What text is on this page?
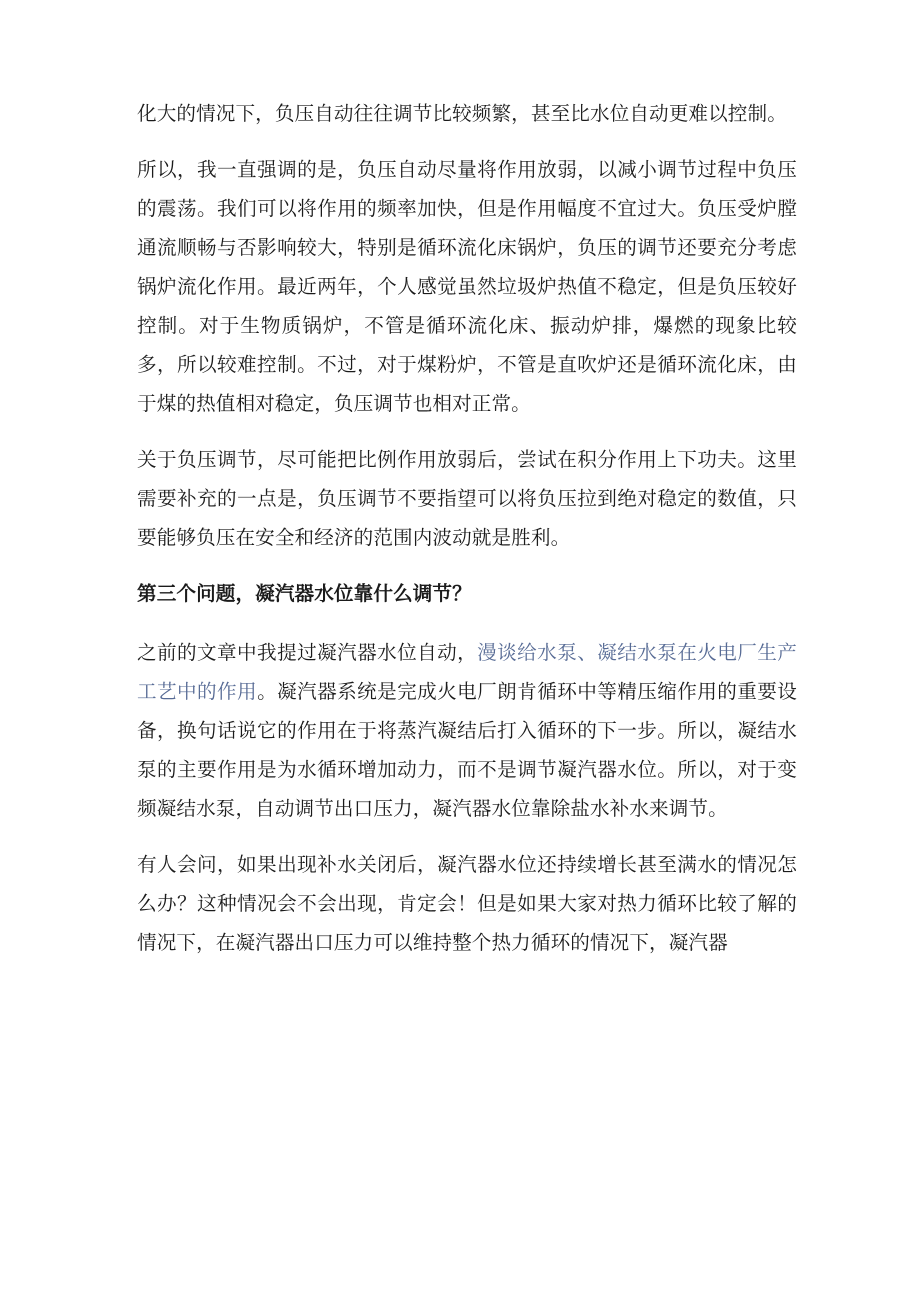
化大的情况下，负压自动往往调节比较频繁，甚至比水位自动更难以控制。

所以，我一直强调的是，负压自动尽量将作用放弱，以减小调节过程中负压的震荡。我们可以将作用的频率加快，但是作用幅度不宜过大。负压受炉膛通流顺畅与否影响较大，特别是循环流化床锅炉，负压的调节还要充分考虑锅炉流化作用。最近两年，个人感觉虽然垃圾炉热值不稳定，但是负压较好控制。对于生物质锅炉，不管是循环流化床、振动炉排，爆燃的现象比较多，所以较难控制。不过，对于煤粉炉，不管是直吹炉还是循环流化床，由于煤的热值相对稳定，负压调节也相对正常。

关于负压调节，尽可能把比例作用放弱后，尝试在积分作用上下功夫。这里需要补充的一点是，负压调节不要指望可以将负压拉到绝对稳定的数值，只要能够负压在安全和经济的范围内波动就是胜利。

第三个问题，凝汽器水位靠什么调节？

之前的文章中我提过凝汽器水位自动，漫谈给水泵、凝结水泵在火电厂生产工艺中的作用。凝汽器系统是完成火电厂朗肯循环中等精压缩作用的重要设备，换句话说它的作用在于将蒸汽凝结后打入循环的下一步。所以，凝结水泵的主要作用是为水循环增加动力，而不是调节凝汽器水位。所以，对于变频凝结水泵，自动调节出口压力，凝汽器水位靠除盐水补水来调节。

有人会问，如果出现补水关闭后，凝汽器水位还持续增长甚至满水的情况怎么办？这种情况会不会出现，肯定会！但是如果大家对热力循环比较了解的情况下，在凝汽器出口压力可以维持整个热力循环的情况下，凝汽器
